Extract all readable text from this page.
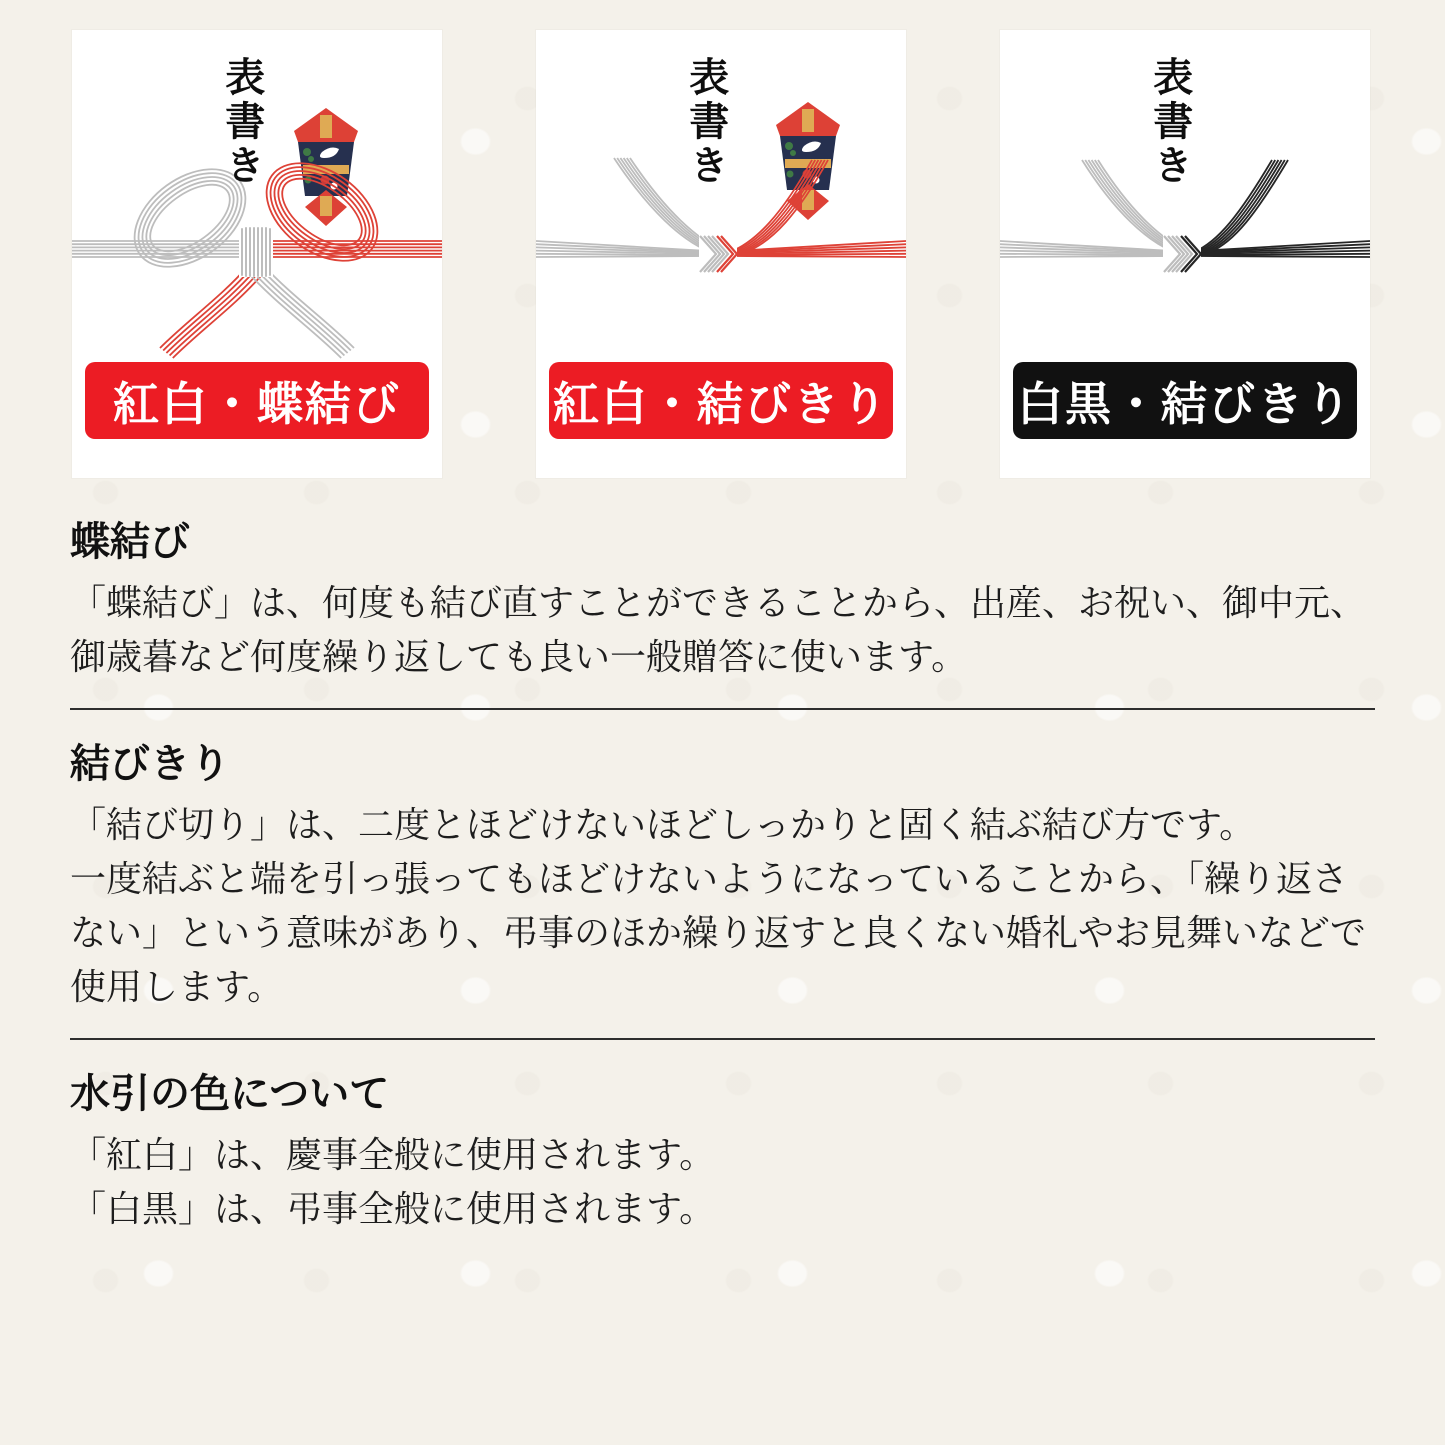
表書き
紅白・蝶結び
表書き
紅白・結びきり
表書き
白黒・結びきり
蝶結び

「蝶結び」は、何度も結び直すことができることから、出産、お祝い、御中元、御歳暮など何度繰り返しても良い一般贈答に使います。

結びきり

「結び切り」は、二度とほどけないほどしっかりと固く結ぶ結び方です。

一度結ぶと端を引っ張ってもほどけないようになっていることから、「繰り返さない」という意味があり、弔事のほか繰り返すと良くない婚礼やお見舞いなどで使用します。

水引の色について

「紅白」は、慶事全般に使用されます。

「白黒」は、弔事全般に使用されます。
